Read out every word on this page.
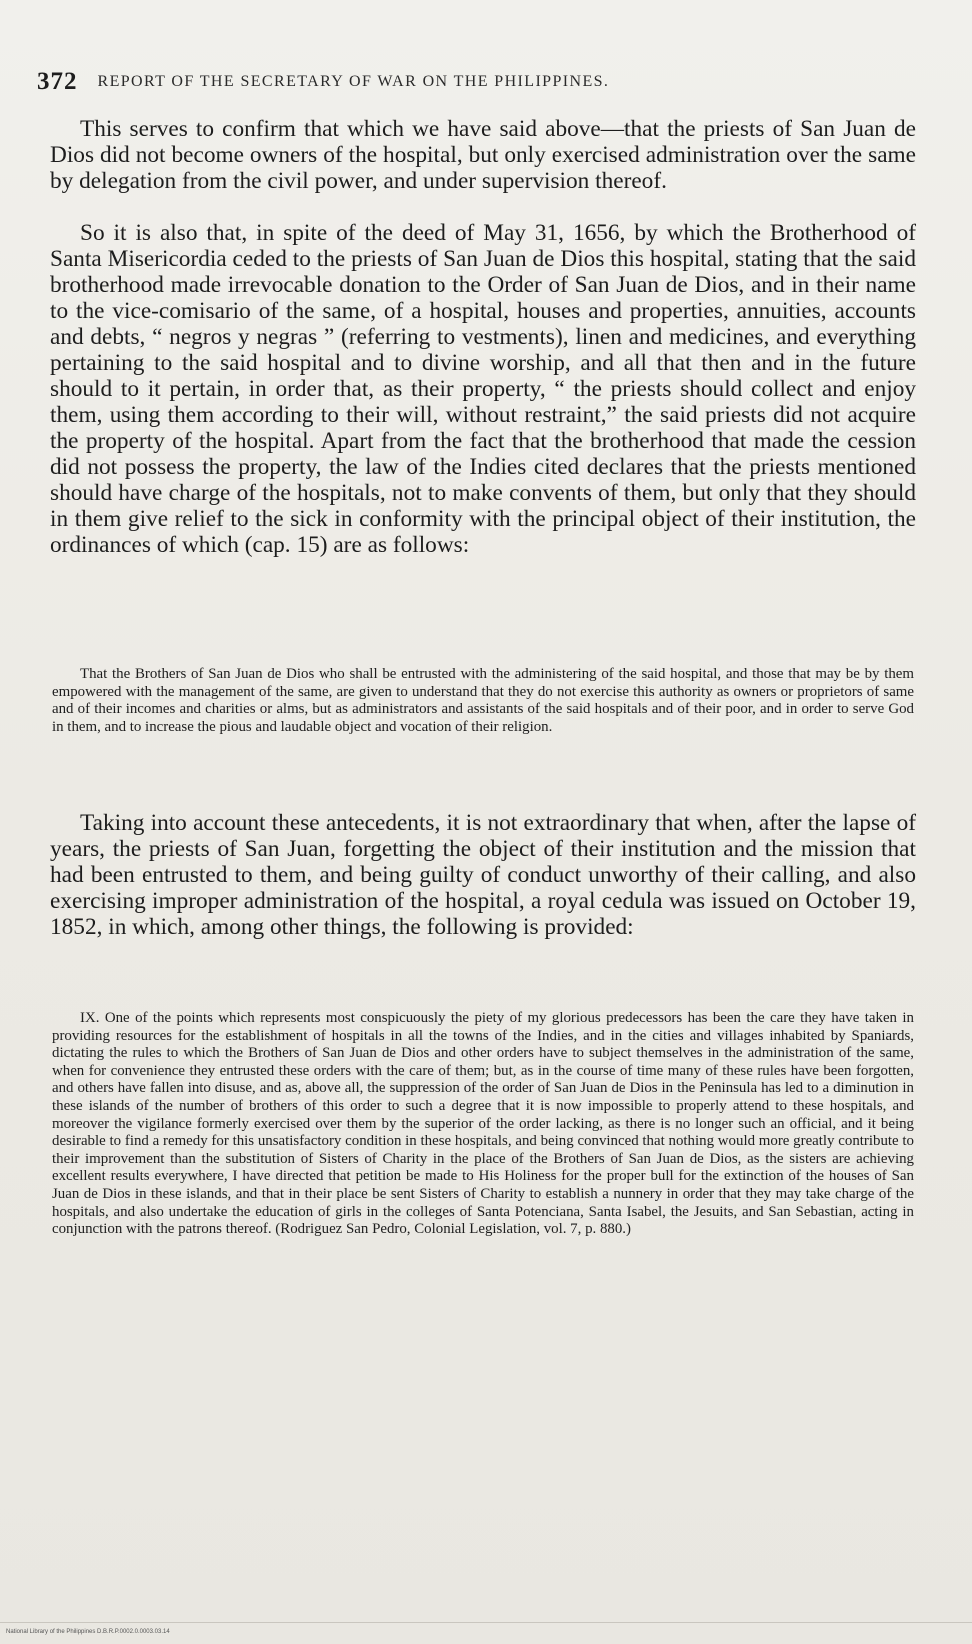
372 REPORT OF THE SECRETARY OF WAR ON THE PHILIPPINES.

This serves to confirm that which we have said above—that the priests of San Juan de Dios did not become owners of the hospital, but only exercised administration over the same by delegation from the civil power, and under supervision thereof.

So it is also that, in spite of the deed of May 31, 1656, by which the Brotherhood of Santa Misericordia ceded to the priests of San Juan de Dios this hospital, stating that the said brotherhood made irrevocable donation to the Order of San Juan de Dios, and in their name to the vice-comisario of the same, of a hospital, houses and properties, annuities, accounts and debts, “ negros y negras ” (referring to vestments), linen and medicines, and everything pertaining to the said hospital and to divine worship, and all that then and in the future should to it pertain, in order that, as their property, “ the priests should collect and enjoy them, using them according to their will, without restraint,” the said priests did not acquire the property of the hospital. Apart from the fact that the brotherhood that made the cession did not possess the property, the law of the Indies cited declares that the priests mentioned should have charge of the hospitals, not to make convents of them, but only that they should in them give relief to the sick in conformity with the principal object of their institution, the ordinances of which (cap. 15) are as follows:

That the Brothers of San Juan de Dios who shall be entrusted with the administering of the said hospital, and those that may be by them empowered with the management of the same, are given to understand that they do not exercise this authority as owners or proprietors of same and of their incomes and charities or alms, but as administrators and assistants of the said hospitals and of their poor, and in order to serve God in them, and to increase the pious and laudable object and vocation of their religion.

Taking into account these antecedents, it is not extraordinary that when, after the lapse of years, the priests of San Juan, forgetting the object of their institution and the mission that had been entrusted to them, and being guilty of conduct unworthy of their calling, and also exercising improper administration of the hospital, a royal cedula was issued on October 19, 1852, in which, among other things, the following is provided:

IX. One of the points which represents most conspicuously the piety of my glorious predecessors has been the care they have taken in providing resources for the establishment of hospitals in all the towns of the Indies, and in the cities and villages inhabited by Spaniards, dictating the rules to which the Brothers of San Juan de Dios and other orders have to subject themselves in the administration of the same, when for convenience they entrusted these orders with the care of them; but, as in the course of time many of these rules have been forgotten, and others have fallen into disuse, and as, above all, the suppression of the order of San Juan de Dios in the Peninsula has led to a diminution in these islands of the number of brothers of this order to such a degree that it is now impossible to properly attend to these hospitals, and moreover the vigilance formerly exercised over them by the superior of the order lacking, as there is no longer such an official, and it being desirable to find a remedy for this unsatisfactory condition in these hospitals, and being convinced that nothing would more greatly contribute to their improvement than the substitution of Sisters of Charity in the place of the Brothers of San Juan de Dios, as the sisters are achieving excellent results everywhere, I have directed that petition be made to His Holiness for the proper bull for the extinction of the houses of San Juan de Dios in these islands, and that in their place be sent Sisters of Charity to establish a nunnery in order that they may take charge of the hospitals, and also undertake the education of girls in the colleges of Santa Potenciana, Santa Isabel, the Jesuits, and San Sebastian, acting in conjunction with the patrons thereof. (Rodriguez San Pedro, Colonial Legislation, vol. 7, p. 880.)

National Library of the Philippines D.B.R.P.0002.0.0003.03.14
